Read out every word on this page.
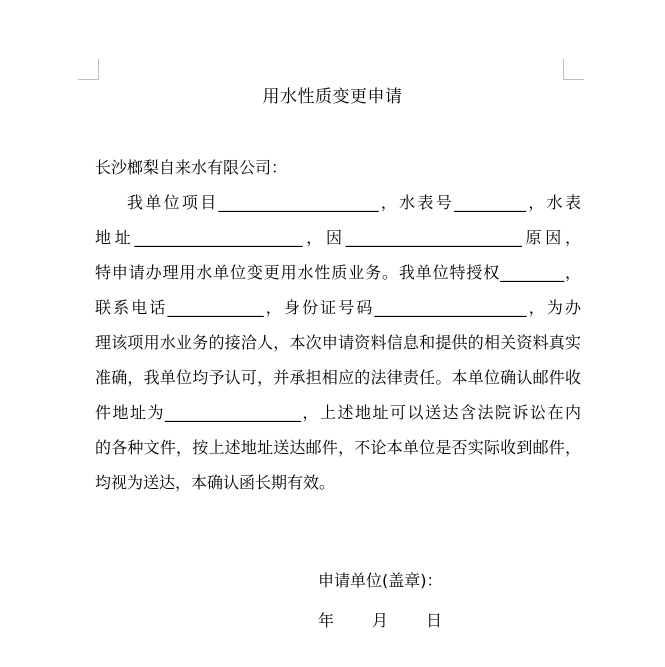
用水性质变更申请
长沙榔梨自来水有限公司：
我单位项目____________________，水表号_________，水表
地址_____________________，因______________________原因，
特申请办理用水单位变更用水性质业务。我单位特授权________，
联系电话____________，身份证号码___________________，为办
理该项用水业务的接洽人，本次申请资料信息和提供的相关资料真实
准确，我单位均予认可，并承担相应的法律责任。本单位确认邮件收
件地址为_________________，上述地址可以送达含法院诉讼在内
的各种文件，按上述地址送达邮件，不论本单位是否实际收到邮件，
均视为送达，本确认函长期有效。
申请单位(盖章)：
年 月 日
